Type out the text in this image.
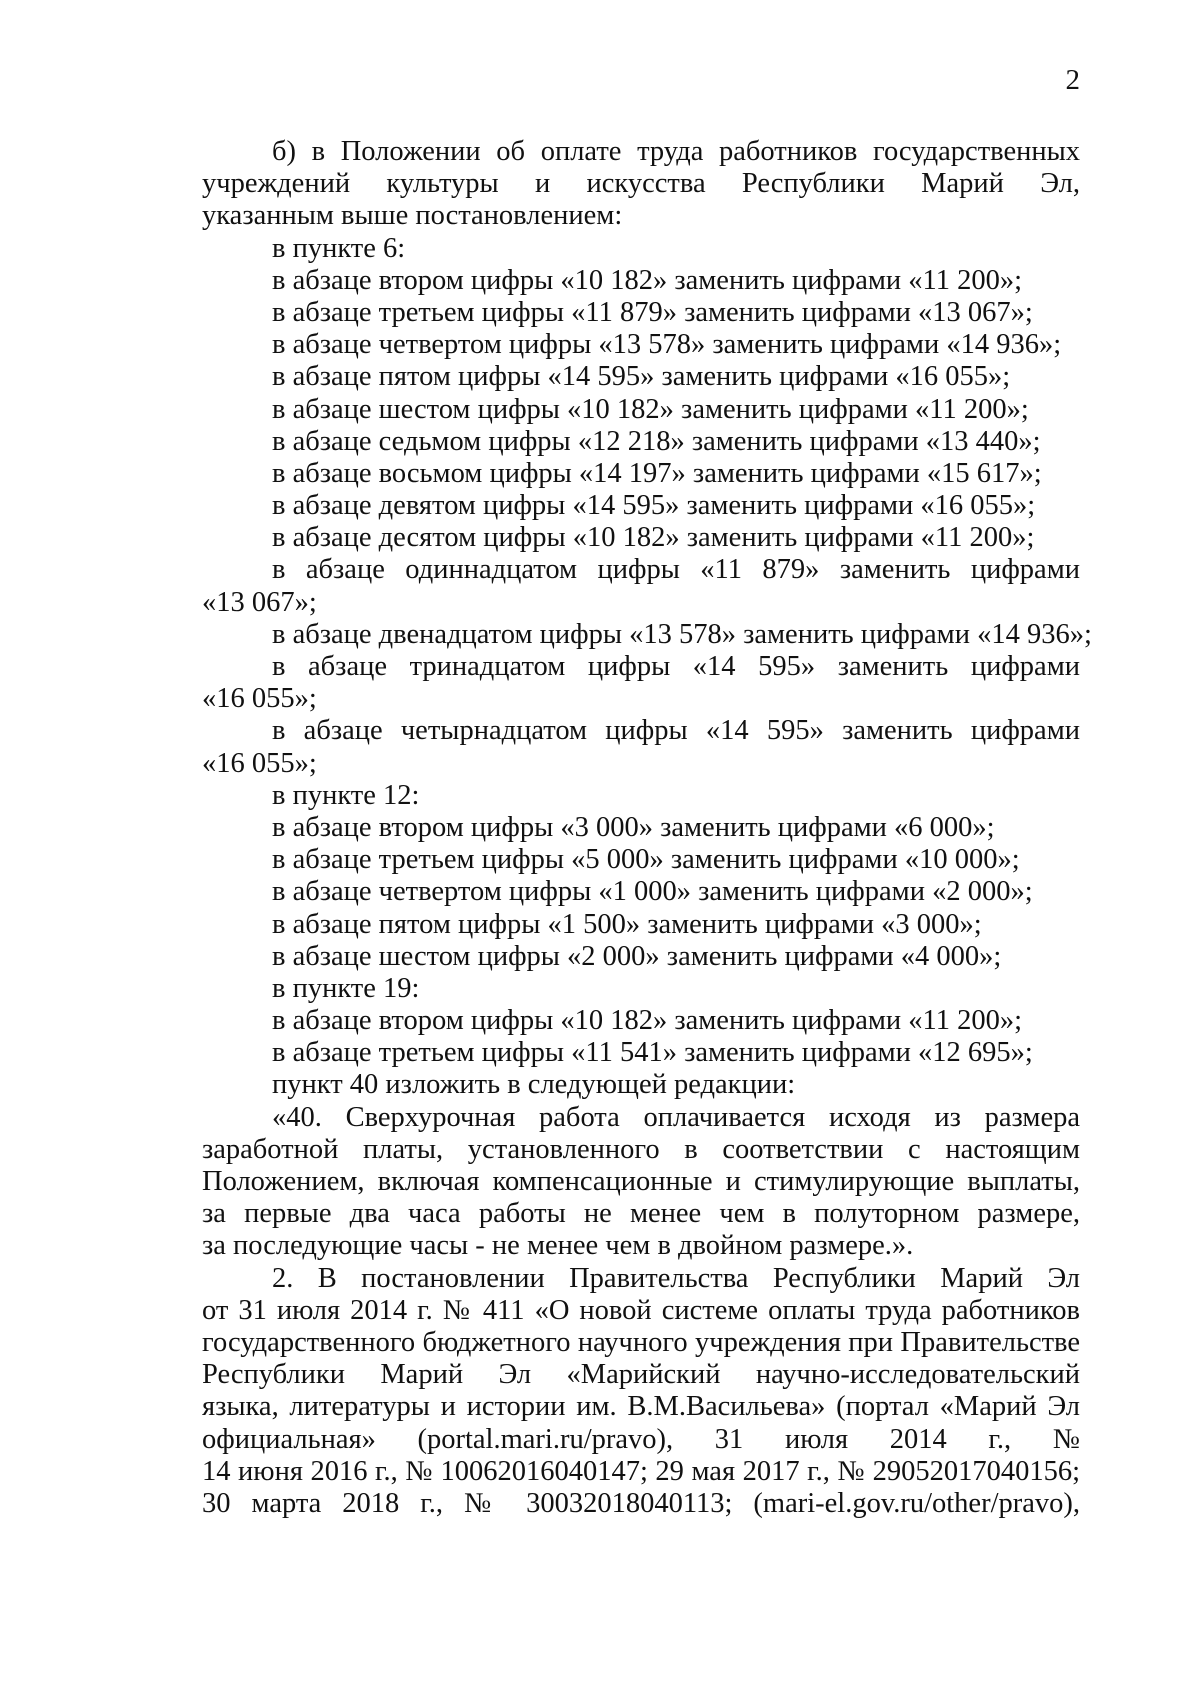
2
б) в Положении об оплате труда работников государственных
учреждений культуры и искусства Республики Марий Эл,
указанным выше постановлением:
в пункте 6:
в абзаце втором цифры «10 182» заменить цифрами «11 200»;
в абзаце третьем цифры «11 879» заменить цифрами «13 067»;
в абзаце четвертом цифры «13 578» заменить цифрами «14 936»;
в абзаце пятом цифры «14 595» заменить цифрами «16 055»;
в абзаце шестом цифры «10 182» заменить цифрами «11 200»;
в абзаце седьмом цифры «12 218» заменить цифрами «13 440»;
в абзаце восьмом цифры «14 197» заменить цифрами «15 617»;
в абзаце девятом цифры «14 595» заменить цифрами «16 055»;
в абзаце десятом цифры «10 182» заменить цифрами «11 200»;
в абзаце одиннадцатом цифры «11 879» заменить цифрами
«13 067»;
в абзаце двенадцатом цифры «13 578» заменить цифрами «14 936»;
в абзаце тринадцатом цифры «14 595» заменить цифрами
«16 055»;
в абзаце четырнадцатом цифры «14 595» заменить цифрами
«16 055»;
в пункте 12:
в абзаце втором цифры «3 000» заменить цифрами «6 000»;
в абзаце третьем цифры «5 000» заменить цифрами «10 000»;
в абзаце четвертом цифры «1 000» заменить цифрами «2 000»;
в абзаце пятом цифры «1 500» заменить цифрами «3 000»;
в абзаце шестом цифры «2 000» заменить цифрами «4 000»;
в пункте 19:
в абзаце втором цифры «10 182» заменить цифрами «11 200»;
в абзаце третьем цифры «11 541» заменить цифрами «12 695»;
пункт 40 изложить в следующей редакции:
«40. Сверхурочная работа оплачивается исходя из размера
заработной платы, установленного в соответствии с настоящим
Положением, включая компенсационные и стимулирующие выплаты,
за первые два часа работы не менее чем в полуторном размере,
за последующие часы - не менее чем в двойном размере.».
2. В постановлении Правительства Республики Марий Эл
от 31 июля 2014 г. № 411 «О новой системе оплаты труда работников
государственного бюджетного научного учреждения при Правительстве
Республики Марий Эл «Марийский научно-исследовательский
языка, литературы и истории им. В.М.Васильева» (портал «Марий Эл
официальная» (portal.mari.ru/pravo), 31 июля 2014 г., №
14 июня 2016 г., № 10062016040147; 29 мая 2017 г., № 29052017040156;
30 марта 2018 г., № 30032018040113; (mari-el.gov.ru/other/pravo),
